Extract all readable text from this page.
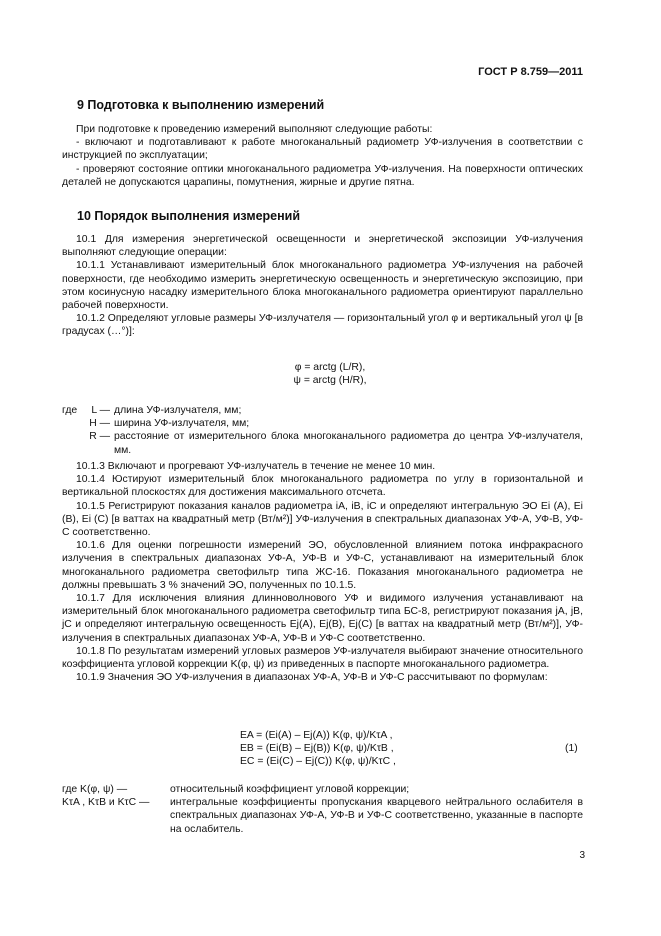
ГОСТ Р 8.759—2011
9 Подготовка к выполнению измерений

При подготовке к проведению измерений выполняют следующие работы:

- включают и подготавливают к работе многоканальный радиометр УФ-излучения в соответствии с инструкцией по эксплуатации;

- проверяют состояние оптики многоканального радиометра УФ-излучения. На поверхности оптических деталей не допускаются царапины, помутнения, жирные и другие пятна.

10 Порядок выполнения измерений

10.1 Для измерения энергетической освещенности и энергетической экспозиции УФ-излучения выполняют следующие операции:

10.1.1 Устанавливают измерительный блок многоканального радиометра УФ-излучения на рабочей поверхности, где необходимо измерить энергетическую освещенность и энергетическую экспозицию, при этом косинусную насадку измерительного блока многоканального радиометра ориентируют параллельно рабочей поверхности.

10.1.2 Определяют угловые размеры УФ-излучателя — горизонтальный угол φ и вертикальный угол ψ [в градусах (…°)]:

φ = arctg (L/R),
ψ = arctg (H/R),
где	L — длина УФ-излучателя, мм;
H — ширина УФ-излучателя, мм;
R — расстояние от измерительного блока многоканального радиометра до центра УФ-излучателя, мм.

10.1.3 Включают и прогревают УФ-излучатель в течение не менее 10 мин.

10.1.4 Юстируют измерительный блок многоканального радиометра по углу в горизонтальной и вертикальной плоскостях для достижения максимального отсчета.

10.1.5 Регистрируют показания каналов радиометра iA, iB, iC и определяют интегральную ЭО Ei (A), Ei (B), Ei (C) [в ваттах на квадратный метр (Вт/м²)] УФ-излучения в спектральных диапазонах УФ-А, УФ-В, УФ-С соответственно.

10.1.6 Для оценки погрешности измерений ЭО, обусловленной влиянием потока инфракрасного излучения в спектральных диапазонах УФ-А, УФ-В и УФ-С, устанавливают на измерительный блок многоканального радиометра светофильтр типа ЖС-16. Показания многоканального радиометра не должны превышать 3 % значений ЭО, полученных по 10.1.5.

10.1.7 Для исключения влияния длинноволнового УФ и видимого излучения устанавливают на измерительный блок многоканального радиометра светофильтр типа БС-8, регистрируют показания jA, jB, jC и определяют интегральную освещенность Ej(A), Ej(B), Ej(C) [в ваттах на квадратный метр (Вт/м²)], УФ-излучения в спектральных диапазонах УФ-А, УФ-В и УФ-С соответственно.

10.1.8 По результатам измерений угловых размеров УФ-излучателя выбирают значение относительного коэффициента угловой коррекции K(φ, ψ) из приведенных в паспорте многоканального радиометра.

10.1.9 Значения ЭО УФ-излучения в диапазонах УФ-А, УФ-В и УФ-С рассчитывают по формулам:

EA = (Ei(A) – Ej(A)) K(φ, ψ)/KτA ,
EB = (Ei(B) – Ej(B)) K(φ, ψ)/KτB ,
EC = (Ei(C) – Ej(C)) K(φ, ψ)/KτC ,
(1)
где K(φ, ψ) —	относительный коэффициент угловой коррекции;
KτA , KτB и KτC —	интегральные коэффициенты пропускания кварцевого нейтрального ослабителя в спектральных диапазонах УФ-А, УФ-В и УФ-С соответственно, указанные в паспорте на ослабитель.
3
